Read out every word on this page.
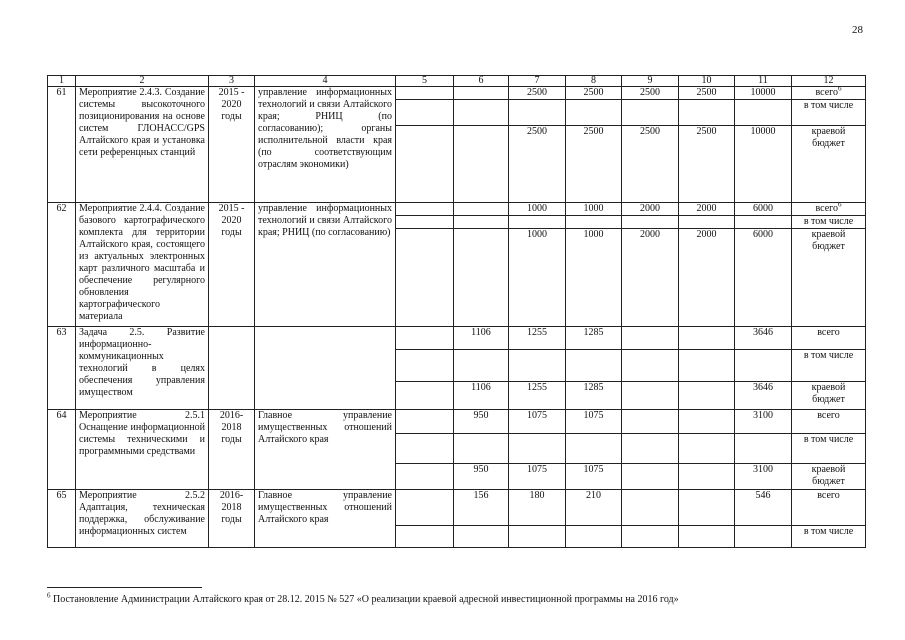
28
1	2	3	4	5	6	7	8	9	10	11	12
61	Мероприятие 2.4.3. Создание системы высокоточного позиционирования на основе систем ГЛОНАСС/GPS Алтайского края и установка сети референцных станций	2015 - 2020 годы	управление информационных технологий и связи Алтайского края; РНИЦ (по согласованию); органы исполнительной власти края (по соответствующим отраслям экономики)			2500	2500	2500	2500	10000	всего$^6$
											в том числе
						2500	2500	2500	2500	10000	краевой бюджет
62	Мероприятие 2.4.4. Создание базового картографического комплекта для территории Алтайского края, состоящего из актуальных электронных карт различного масштаба и обеспечение регулярного обновления картографического материала	2015 - 2020 годы	управление информационных технологий и связи Алтайского края; РНИЦ (по согласованию)			1000	1000	2000	2000	6000	всего$^6$
											в том числе
						1000	1000	2000	2000	6000	краевой бюджет
63	Задача 2.5. Развитие информационно-коммуникационных технологий в целях обеспечения управления имуществом				1106	1255	1285			3646	всего
											в том числе
					1106	1255	1285			3646	краевой бюджет
64	Мероприятие 2.5.1 Оснащение информационной системы техническими и программными средствами	2016-2018 годы	Главное управление имущественных отношений Алтайского края		950	1075	1075			3100	всего
											в том числе
					950	1075	1075			3100	краевой бюджет
65	Мероприятие 2.5.2 Адаптация, техническая поддержка, обслуживание информационных систем	2016-2018 годы	Главное управление имущественных отношений Алтайского края		156	180	210			546	всего
											в том числе
$^6$ Постановление Администрации Алтайского края от 28.12. 2015 № 527 «О реализации краевой адресной инвестиционной программы на 2016 год»
